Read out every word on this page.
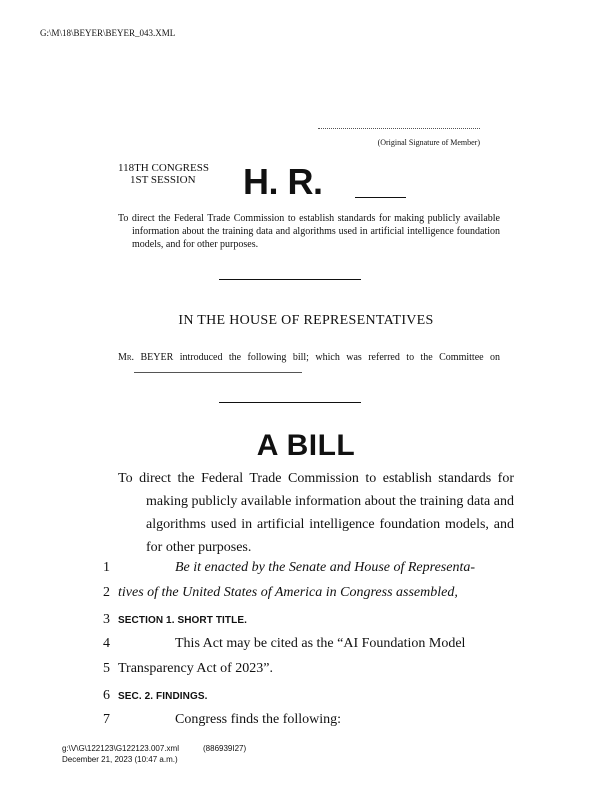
G:\M\18\BEYER\BEYER_043.XML
(Original Signature of Member)
118TH CONGRESS
1ST SESSION H. R.
To direct the Federal Trade Commission to establish standards for making publicly available information about the training data and algorithms used in artificial intelligence foundation models, and for other purposes.
IN THE HOUSE OF REPRESENTATIVES
Mr. BEYER introduced the following bill; which was referred to the Committee on
A BILL
To direct the Federal Trade Commission to establish standards for making publicly available information about the training data and algorithms used in artificial intelligence foundation models, and for other purposes.
1	Be it enacted by the Senate and House of Representa-
2 tives of the United States of America in Congress assembled,
3 SECTION 1. SHORT TITLE.
4	This Act may be cited as the “AI Foundation Model
5 Transparency Act of 2023”.
6 SEC. 2. FINDINGS.
7	Congress finds the following:
g:\V\G\122123\G122123.007.xml	(886939I27)
December 21, 2023 (10:47 a.m.)
